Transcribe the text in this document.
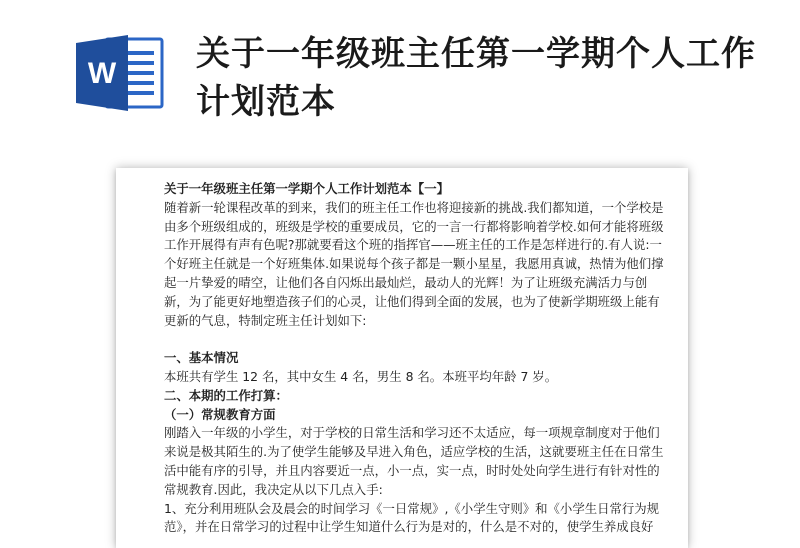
W 关于一年级班主任第一学期个人工作计划范本

关于一年级班主任第一学期个人工作计划范本【一】

随着新一轮课程改革的到来，我们的班主任工作也将迎接新的挑战.我们都知道，一个学校是由多个班级组成的，班级是学校的重要成员，它的一言一行都将影响着学校.如何才能将班级工作开展得有声有色呢?那就要看这个班的指挥官——班主任的工作是怎样进行的.有人说:一个好班主任就是一个好班集体.如果说每个孩子都是一颗小星星，我愿用真诚，热情为他们撑起一片挚爱的晴空，让他们各自闪烁出最灿烂，最动人的光辉！为了让班级充满活力与创新，为了能更好地塑造孩子们的心灵，让他们得到全面的发展，也为了使新学期班级上能有更新的气息，特制定班主任计划如下:

一、基本情况

本班共有学生 12 名，其中女生 4 名，男生 8 名。本班平均年龄 7 岁。

二、本期的工作打算：

（一）常规教育方面

刚踏入一年级的小学生，对于学校的日常生活和学习还不太适应，每一项规章制度对于他们来说是极其陌生的.为了使学生能够及早进入角色，适应学校的生活，这就要班主任在日常生活中能有序的引导，并且内容要近一点，小一点，实一点，时时处处向学生进行有针对性的常规教育.因此，我决定从以下几点入手:

1、充分利用班队会及晨会的时间学习《一日常规》,《小学生守则》和《小学生日常行为规范》，并在日常学习的过程中让学生知道什么行为是对的，什么是不对的，使学生养成良好
